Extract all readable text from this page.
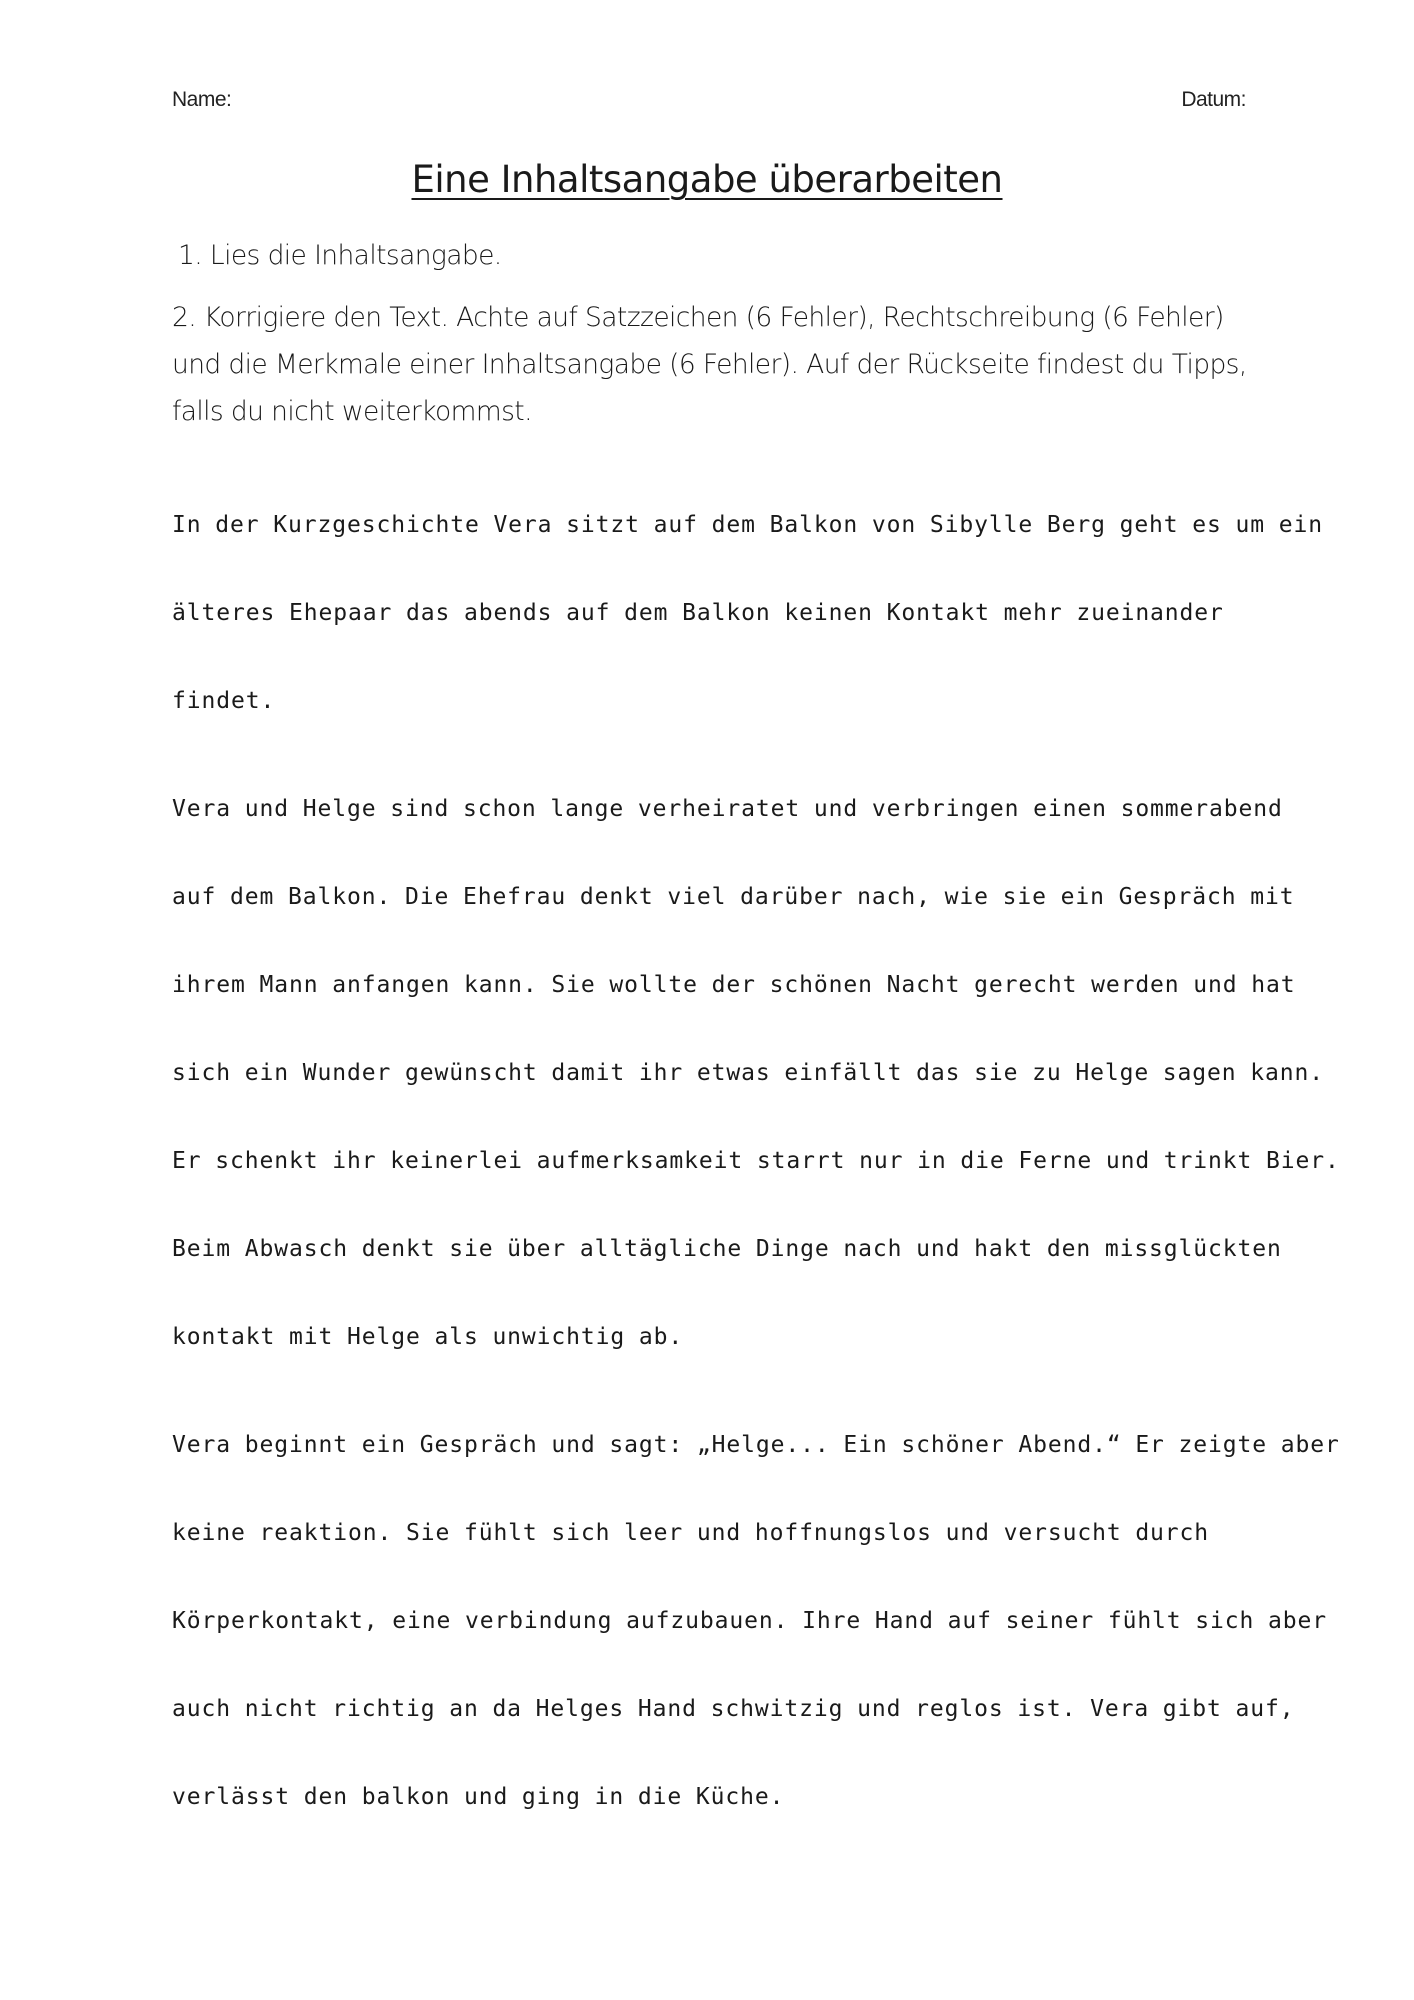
Name:	Datum:
Eine Inhaltsangabe überarbeiten
1. Lies die Inhaltsangabe.
2. Korrigiere den Text. Achte auf Satzzeichen (6 Fehler), Rechtschreibung (6 Fehler) und die Merkmale einer Inhaltsangabe (6 Fehler). Auf der Rückseite findest du Tipps, falls du nicht weiterkommst.

In der Kurzgeschichte Vera sitzt auf dem Balkon von Sibylle Berg geht es um ein

älteres Ehepaar das abends auf dem Balkon keinen Kontakt mehr zueinander

findet.

Vera und Helge sind schon lange verheiratet und verbringen einen sommerabend

auf dem Balkon. Die Ehefrau denkt viel darüber nach, wie sie ein Gespräch mit

ihrem Mann anfangen kann. Sie wollte der schönen Nacht gerecht werden und hat

sich ein Wunder gewünscht damit ihr etwas einfällt das sie zu Helge sagen kann.

Er schenkt ihr keinerlei aufmerksamkeit starrt nur in die Ferne und trinkt Bier.

Beim Abwasch denkt sie über alltägliche Dinge nach und hakt den missglückten

kontakt mit Helge als unwichtig ab.

Vera beginnt ein Gespräch und sagt: „Helge... Ein schöner Abend.“ Er zeigte aber

keine reaktion. Sie fühlt sich leer und hoffnungslos und versucht durch

Körperkontakt, eine verbindung aufzubauen. Ihre Hand auf seiner fühlt sich aber

auch nicht richtig an da Helges Hand schwitzig und reglos ist. Vera gibt auf,

verlässt den balkon und ging in die Küche.
